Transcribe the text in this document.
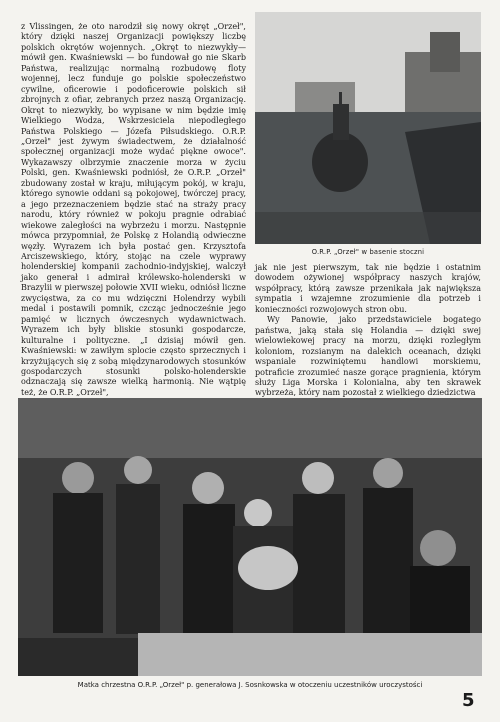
z Vlissingen, że oto narodził się nowy okręt „Orzeł", który dzięki naszej Organizacji powiększy liczbę polskich okrętów wojennych. „Okręt to niezwykły— mówił gen. Kwaśniewski — bo fundował go nie Skarb Państwa, realizując normalną rozbudowę floty wojennej, lecz funduje go polskie społeczeństwo cywilne, oficerowie i podoficerowie polskich sił zbrojnych z ofiar, zebranych przez naszą Organizację. Okręt to niezwykły, bo wypisane w nim będzie imię Wielkiego Wodza, Wskrzesiciela niepodległego Państwa Polskiego — Józefa Piłsudskiego. O.R.P. „Orzeł" jest żywym świadectwem, że działalność społecznej organizacji może wydać piękne owoce". Wykazawszy olbrzymie znaczenie morza w życiu Polski, gen. Kwaśniewski podniósł, że O.R.P. „Orzeł" zbudowany został w kraju, miłującym pokój, w kraju, którego synowie oddani są pokojowej, twórczej pracy, a jego przeznaczeniem będzie stać na straży pracy narodu, który również w pokoju pragnie odrabiać wiekowe zaległości na wybrzeżu i morzu. Następnie mówca przypomniał, że Polskę z Holandią odwieczne węzły. Wyrazem ich była postać gen. Krzysztofa Arciszewskiego, który, stojąc na czele wyprawy holenderskiej kompanii zachodnio-indyjskiej, walczył jako generał i admirał królewsko-holenderski w Brazylii w pierwszej połowie XVII wieku, odniósł liczne zwycięstwa, za co mu wdzięczni Holendrzy wybili medal i postawili pomnik, czcząc jednocześnie jego pamięć w licznych ówczesnych wydawnictwach. Wyrazem ich były bliskie stosunki gospodarcze, kulturalne i polityczne. „I dzisiaj mówił gen. Kwaśniewski: w zawiłym splocie często sprzecznych i krzyżujących się z sobą międzynarodowych stosunków gospodarczych stosunki polsko-holenderskie odznaczają się zawsze wielką harmonią. Nie wątpię też, że O.R.P. „Orzeł",

O.R.P. „Orzeł" w basenie stoczni

jak nie jest pierwszym, tak nie będzie i ostatnim dowodem ożywionej współpracy naszych krajów, współpracy, którą zawsze przenikała jak największa sympatia i wzajemne zrozumienie dla potrzeb i konieczności rozwojowych stron obu.

Wy Panowie, jako przedstawiciele bogatego państwa, jaką stała się Holandia — dzięki swej wielowiekowej pracy na morzu, dzięki rozległym koloniom, rozsianym na dalekich oceanach, dzięki wspaniale rozwiniętemu handlowi morskiemu, potraficie zrozumieć nasze gorące pragnienia, którym służy Liga Morska i Kolonialna, aby ten skrawek wybrzeża, który nam pozostał z wielkiego dziedzictwa

Matka chrzestna O.R.P. „Orzeł" p. generałowa J. Sosnkowska w otoczeniu uczestników uroczystości
5
